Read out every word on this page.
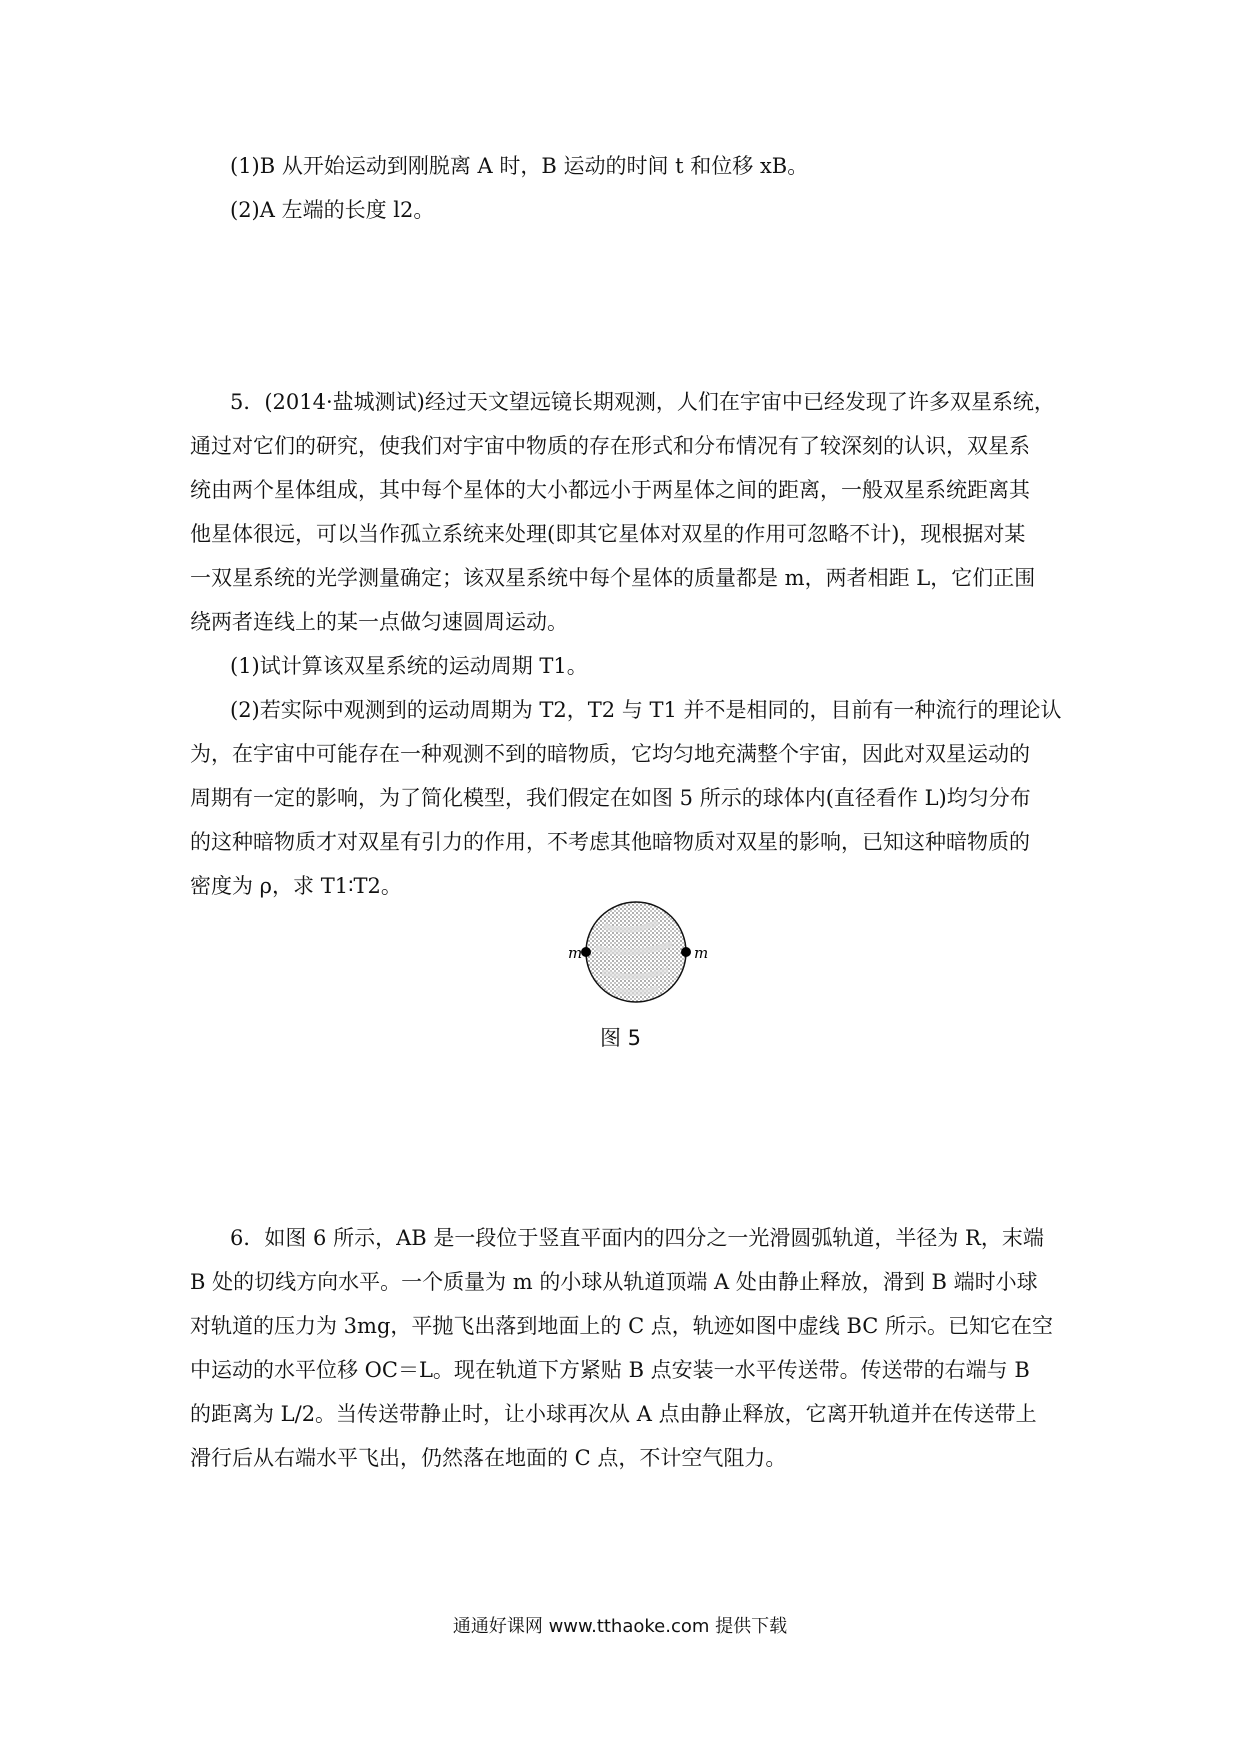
(1)B 从开始运动到刚脱离 A 时，B 运动的时间 t 和位移 xB。
(2)A 左端的长度 l2。
5．(2014·盐城测试)经过天文望远镜长期观测，人们在宇宙中已经发现了许多双星系统，
通过对它们的研究，使我们对宇宙中物质的存在形式和分布情况有了较深刻的认识，双星系
统由两个星体组成，其中每个星体的大小都远小于两星体之间的距离，一般双星系统距离其
他星体很远，可以当作孤立系统来处理(即其它星体对双星的作用可忽略不计)，现根据对某
一双星系统的光学测量确定；该双星系统中每个星体的质量都是 m，两者相距 L，它们正围
绕两者连线上的某一点做匀速圆周运动。
(1)试计算该双星系统的运动周期 T1。
(2)若实际中观测到的运动周期为 T2，T2 与 T1 并不是相同的，目前有一种流行的理论认
为，在宇宙中可能存在一种观测不到的暗物质，它均匀地充满整个宇宙，因此对双星运动的
周期有一定的影响，为了简化模型，我们假定在如图 5 所示的球体内(直径看作 L)均匀分布
的这种暗物质才对双星有引力的作用，不考虑其他暗物质对双星的影响，已知这种暗物质的
密度为 ρ，求 T1∶T2。
m	m
图 5
6．如图 6 所示，AB 是一段位于竖直平面内的四分之一光滑圆弧轨道，半径为 R，末端
B 处的切线方向水平。一个质量为 m 的小球从轨道顶端 A 处由静止释放，滑到 B 端时小球
对轨道的压力为 3mg，平抛飞出落到地面上的 C 点，轨迹如图中虚线 BC 所示。已知它在空
中运动的水平位移 OC＝L。现在轨道下方紧贴 B 点安装一水平传送带。传送带的右端与 B
的距离为 L/2。当传送带静止时，让小球再次从 A 点由静止释放，它离开轨道并在传送带上
滑行后从右端水平飞出，仍然落在地面的 C 点，不计空气阻力。
通通好课网 www.tthaoke.com 提供下载
